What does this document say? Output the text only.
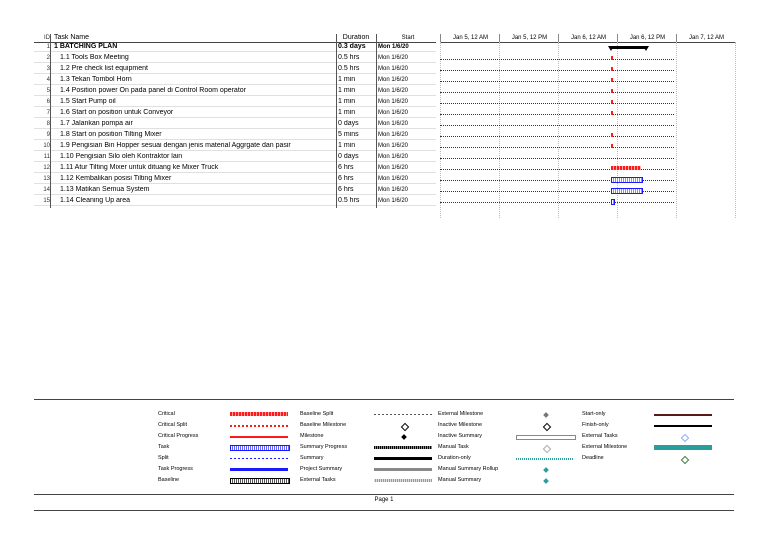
ID Task Name	Duration	Start
1 1 BATCHING PLAN	0.3 days	Mon 1/6/20
2	1.1 Tools Box Meeting	0.5 hrs	Mon 1/6/20
3	1.2 Pre check list equipment	0.5 hrs	Mon 1/6/20
4	1.3 Tekan Tombol Horn	1 min	Mon 1/6/20
5	1.4 Position power On pada panel di Control Room operator	1 min	Mon 1/6/20
6	1.5 Start Pump oil	1 min	Mon 1/6/20
7	1.6 Start on position untuk Conveyor	1 min	Mon 1/6/20
8	1.7 Jalankan pompa air	0 days	Mon 1/6/20
9	1.8 Start on position Tilting Mixer	5 mins	Mon 1/6/20
10	1.9 Pengisian Bin Hopper sesuai dengan jenis material Aggrgate dan pasir	1 min	Mon 1/6/20
11	1.10 Pengisian Silo oleh Kontraktor lain	0 days	Mon 1/6/20
12	1.11 Atur Tilting Mixer untuk dituang ke Mixer Truck	6 hrs	Mon 1/6/20
13	1.12 Kembalikan posisi Tilting Mixer	6 hrs	Mon 1/6/20
14	1.13 Matikan Semua System	6 hrs	Mon 1/6/20
15	1.14 Cleaning Up area	0.5 hrs	Mon 1/6/20
Jan 5, 12 AM	Jan 5, 12 PM	Jan 6, 12 AM	Jan 6, 12 PM	Jan 7, 12 AM
Critical
Critical Split
Critical Progress
Task
Split
Task Progress
Baseline
Baseline Split
Baseline Milestone
Milestone
Summary Progress
Summary
Project Summary
External Tasks
External Milestone
Inactive Milestone
Inactive Summary
Manual Task
Duration-only
Manual Summary Rollup
Manual Summary
Start-only
Finish-only
External Tasks
External Milestone
Deadline
Page 1
